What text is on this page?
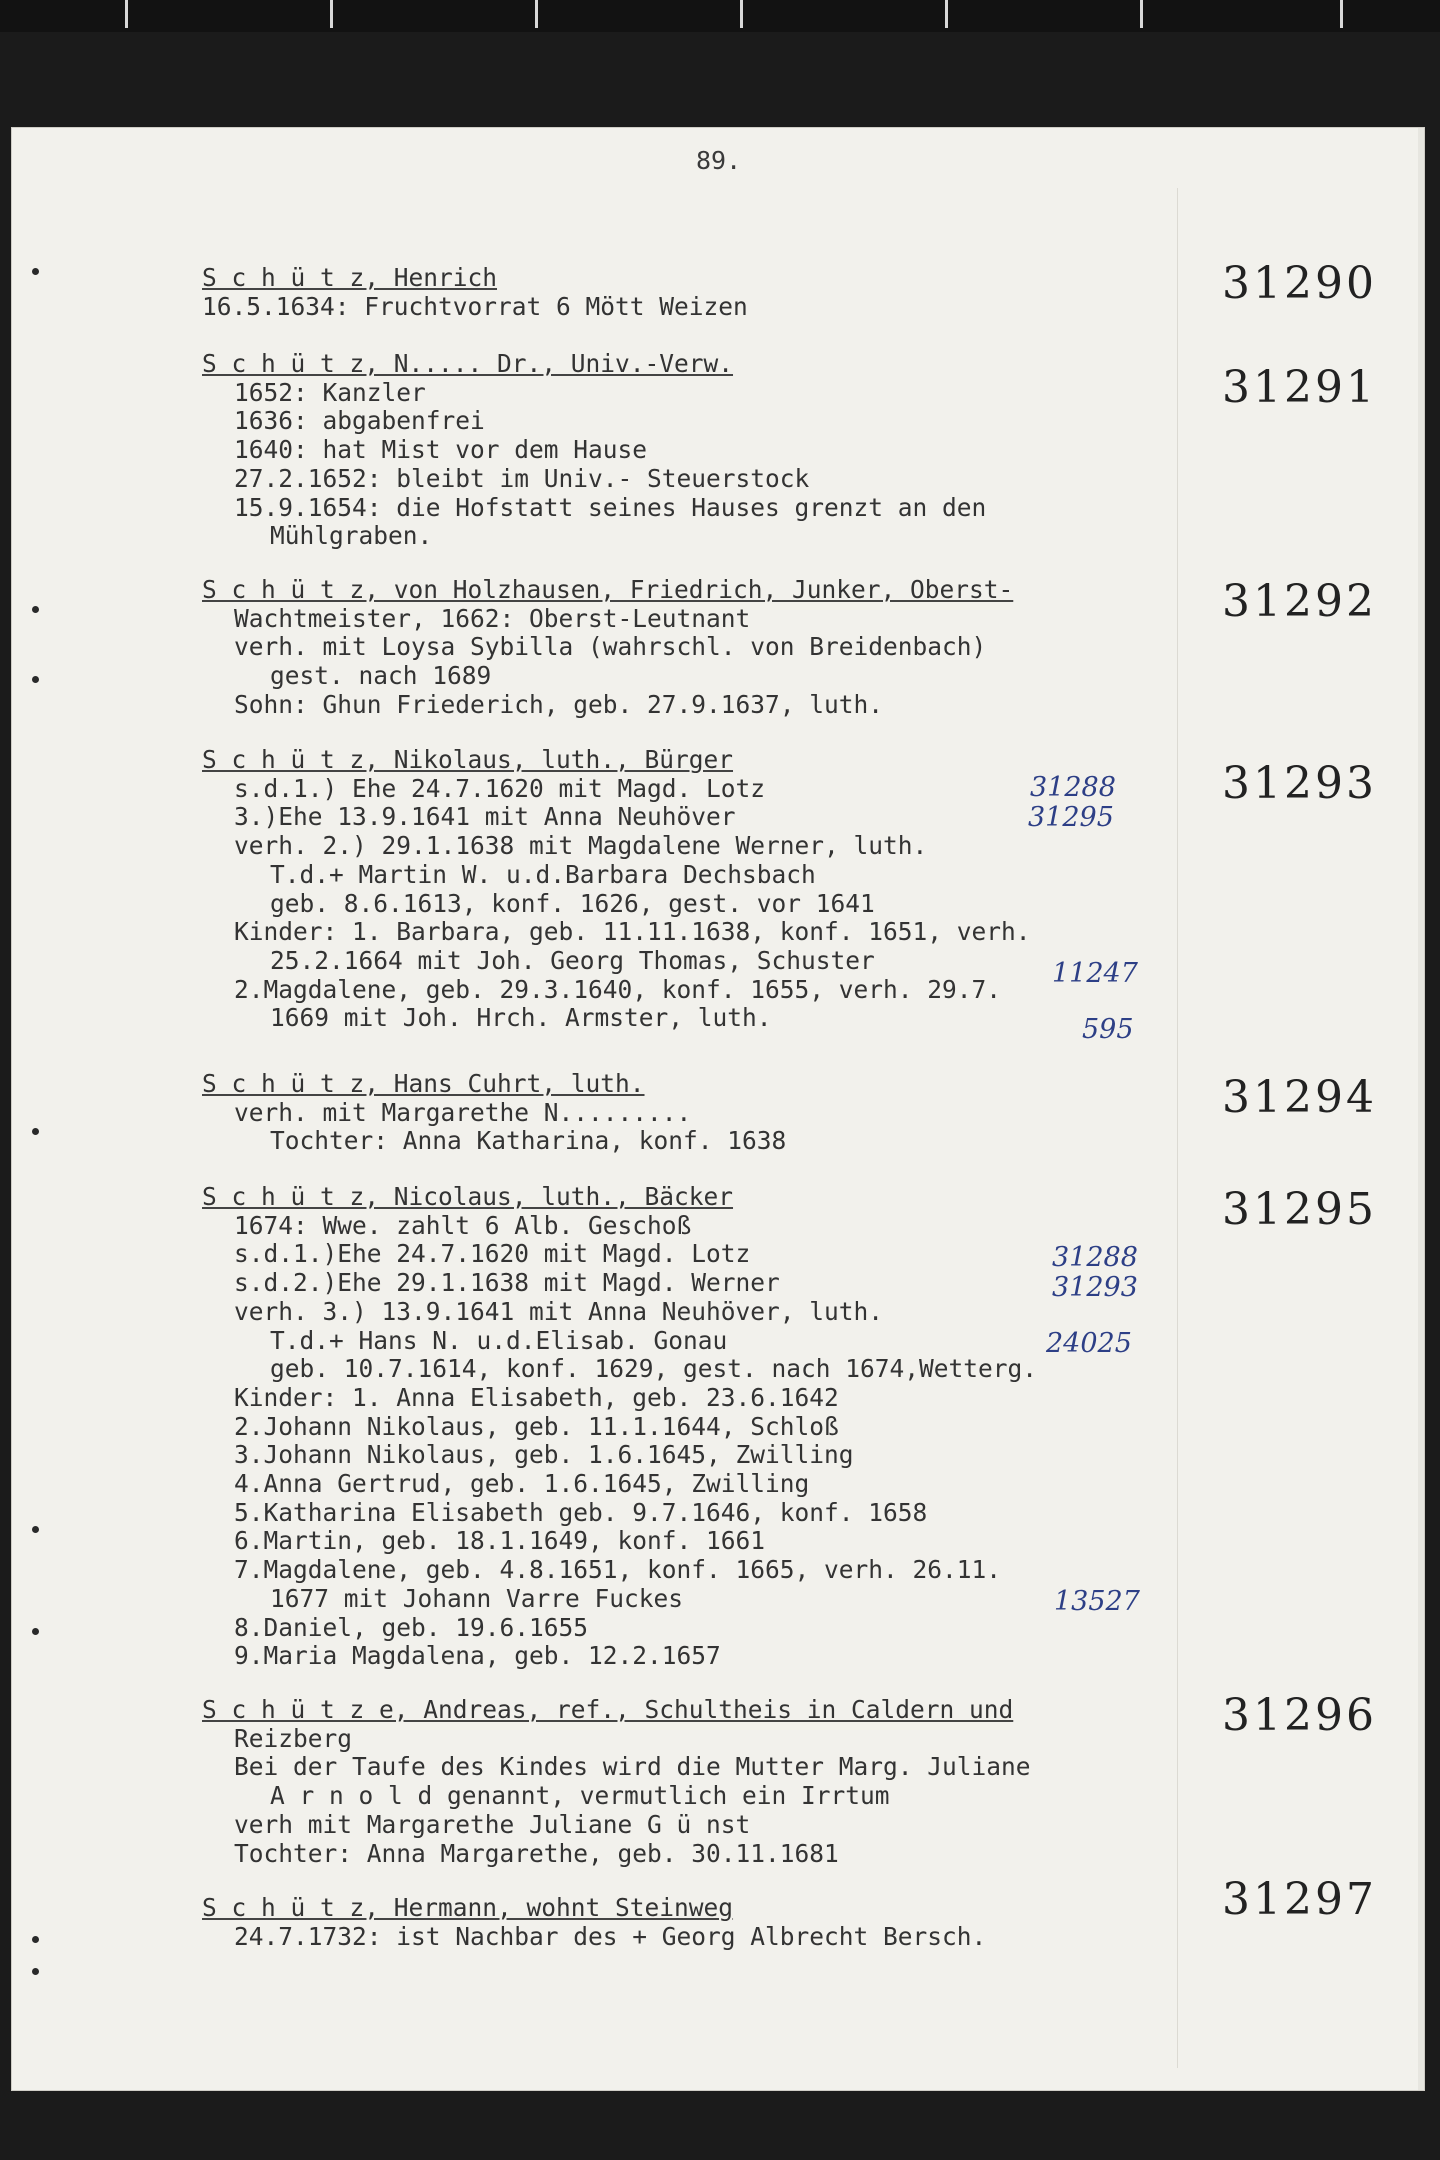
89.
S c h ü t z, Henrich
16.5.1634: Fruchtvorrat 6 Mött Weizen	31290
S c h ü t z, N..... Dr., Univ.-Verw.
1652: Kanzler
1636: abgabenfrei
1640: hat Mist vor dem Hause
27.2.1652: bleibt im Univ.- Steuerstock
15.9.1654: die Hofstatt seines Hauses grenzt an den
Mühlgraben.
31291
S c h ü t z, von Holzhausen, Friedrich, Junker, Oberst-
Wachtmeister, 1662: Oberst-Leutnant
verh. mit Loysa Sybilla (wahrschl. von Breidenbach)
gest. nach 1689
Sohn: Ghun Friederich, geb. 27.9.1637, luth.
31292
S c h ü t z, Nikolaus, luth., Bürger
s.d.1.) Ehe 24.7.1620 mit Magd. Lotz
3.)Ehe 13.9.1641 mit Anna Neuhöver
verh. 2.) 29.1.1638 mit Magdalene Werner, luth.
T.d.+ Martin W. u.d.Barbara Dechsbach
geb. 8.6.1613, konf. 1626, gest. vor 1641
Kinder: 1. Barbara, geb. 11.11.1638, konf. 1651, verh.
25.2.1664 mit Joh. Georg Thomas, Schuster
2.Magdalene, geb. 29.3.1640, konf. 1655, verh. 29.7.
1669 mit Joh. Hrch. Armster, luth.
31293
31288
31295
11247
595
S c h ü t z, Hans Cuhrt, luth.
verh. mit Margarethe N.........
Tochter: Anna Katharina, konf. 1638
31294
S c h ü t z, Nicolaus, luth., Bäcker
1674: Wwe. zahlt 6 Alb. Geschoß
s.d.1.)Ehe 24.7.1620 mit Magd. Lotz
s.d.2.)Ehe 29.1.1638 mit Magd. Werner
verh. 3.) 13.9.1641 mit Anna Neuhöver, luth.
T.d.+ Hans N. u.d.Elisab. Gonau
geb. 10.7.1614, konf. 1629, gest. nach 1674,Wetterg.
Kinder: 1. Anna Elisabeth, geb. 23.6.1642
2.Johann Nikolaus, geb. 11.1.1644, Schloß
3.Johann Nikolaus, geb. 1.6.1645, Zwilling
4.Anna Gertrud, geb. 1.6.1645, Zwilling
5.Katharina Elisabeth geb. 9.7.1646, konf. 1658
6.Martin, geb. 18.1.1649, konf. 1661
7.Magdalene, geb. 4.8.1651, konf. 1665, verh. 26.11.
1677 mit Johann Varre Fuckes
8.Daniel, geb. 19.6.1655
9.Maria Magdalena, geb. 12.2.1657
31295
31288
31293
24025
13527
S c h ü t z e, Andreas, ref., Schultheis in Caldern und
Reizberg
Bei der Taufe des Kindes wird die Mutter Marg. Juliane
A r n o l d genannt, vermutlich ein Irrtum
verh mit Margarethe Juliane G ü nst
Tochter: Anna Margarethe, geb. 30.11.1681
31296
S c h ü t z, Hermann, wohnt Steinweg
24.7.1732: ist Nachbar des + Georg Albrecht Bersch.
31297
